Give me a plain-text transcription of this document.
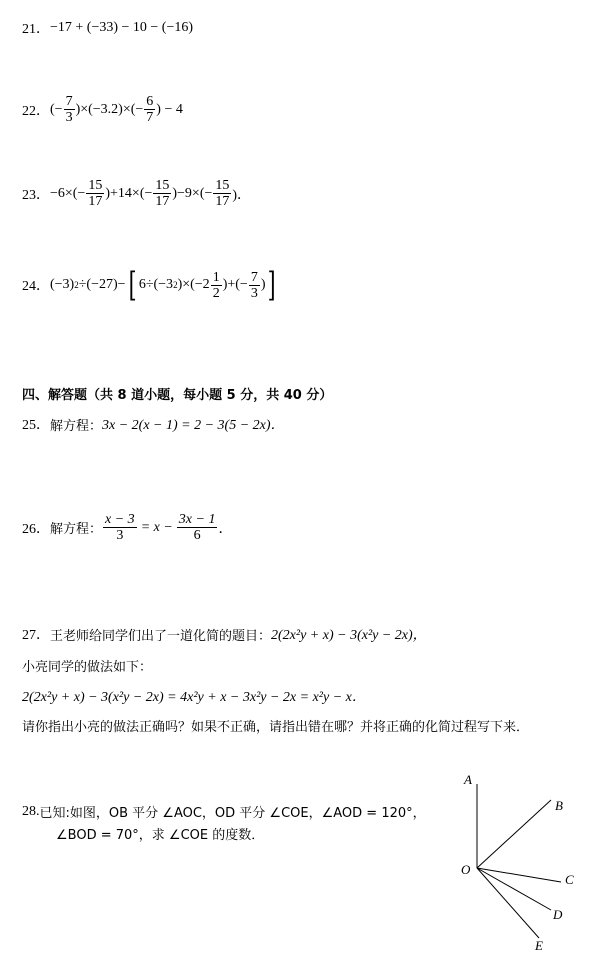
21． −17 + (−33) − 10 − (−16)
22． (− $\frac{7}{3} )\times(-3.2)\times(- \frac{6}{7}$ ) − 4
23． $-6\times(- \frac{15}{17} )+14\times(- \frac{15}{17} )-9\times(- \frac{15}{17}$ )．
24． (−3) 2 ÷(−27)− [ 6÷(−3 2 )$\times(-2 \frac{1}{2}$ )+(− $\frac{7}{3}$ ) ]
四、解答题（共 8 道小题，每小题 5 分，共 40 分）
25． 解方程： 3x − 2(x − 1) = 2 − 3(5 − 2x)．
26． 解方程： $\frac{x - 3}{3} = x - \frac{3x - 1}{6}$ ．
27． 王老师给同学们出了一道化简的题目： 2(2x²y + x) − 3(x²y − 2x)，
小亮同学的做法如下：
2(2x²y + x) − 3(x²y − 2x) = 4x²y + x − 3x²y − 2x = x²y − x．
请你指出小亮的做法正确吗？如果不正确，请指出错在哪？并将正确的化简过程写下来．
28. 已知:如图，OB 平分 ∠AOC，OD 平分 ∠COE，∠AOD = 120°，
∠BOD = 70°，求 ∠COE 的度数．
A
B
O
C
D
E
